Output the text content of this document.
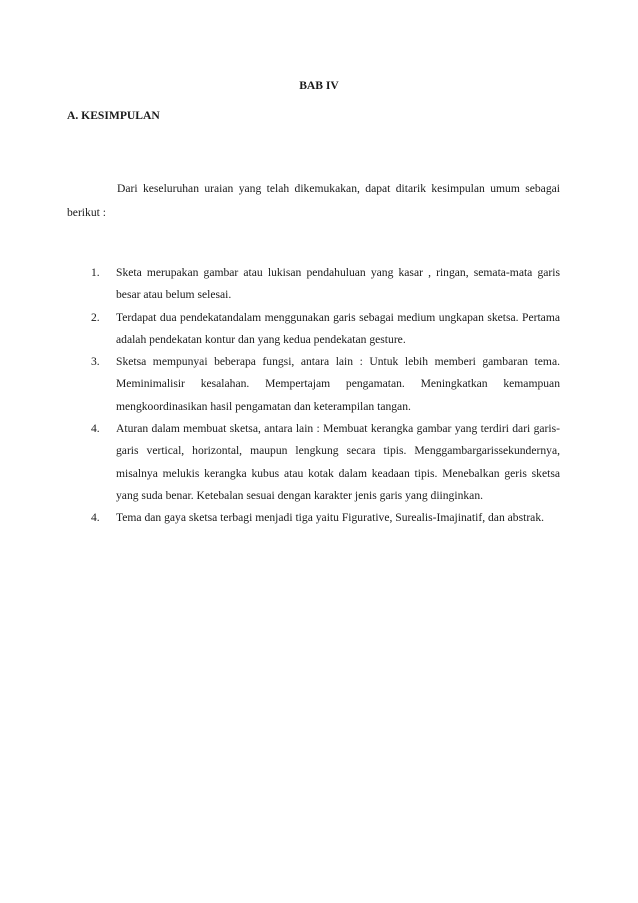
BAB IV
A. KESIMPULAN

Dari keseluruhan uraian yang telah dikemukakan, dapat ditarik kesimpulan umum sebagai berikut :

1. Sketa merupakan gambar atau lukisan pendahuluan yang kasar , ringan, semata-mata garis besar atau belum selesai.
2. Terdapat dua pendekatandalam menggunakan garis sebagai medium ungkapan sketsa. Pertama adalah pendekatan kontur dan yang kedua pendekatan gesture.
3. Sketsa mempunyai beberapa fungsi, antara lain : Untuk lebih memberi gambaran tema. Meminimalisir kesalahan. Mempertajam pengamatan. Meningkatkan kemampuan mengkoordinasikan hasil pengamatan dan keterampilan tangan.
4. Aturan dalam membuat sketsa, antara lain : Membuat kerangka gambar yang terdiri dari garis-garis vertical, horizontal, maupun lengkung secara tipis. Menggambargarissekundernya, misalnya melukis kerangka kubus atau kotak dalam keadaan tipis. Menebalkan geris sketsa yang suda benar. Ketebalan sesuai dengan karakter jenis garis yang diinginkan.
4. Tema dan gaya sketsa terbagi menjadi tiga yaitu Figurative, Surealis-Imajinatif, dan abstrak.
